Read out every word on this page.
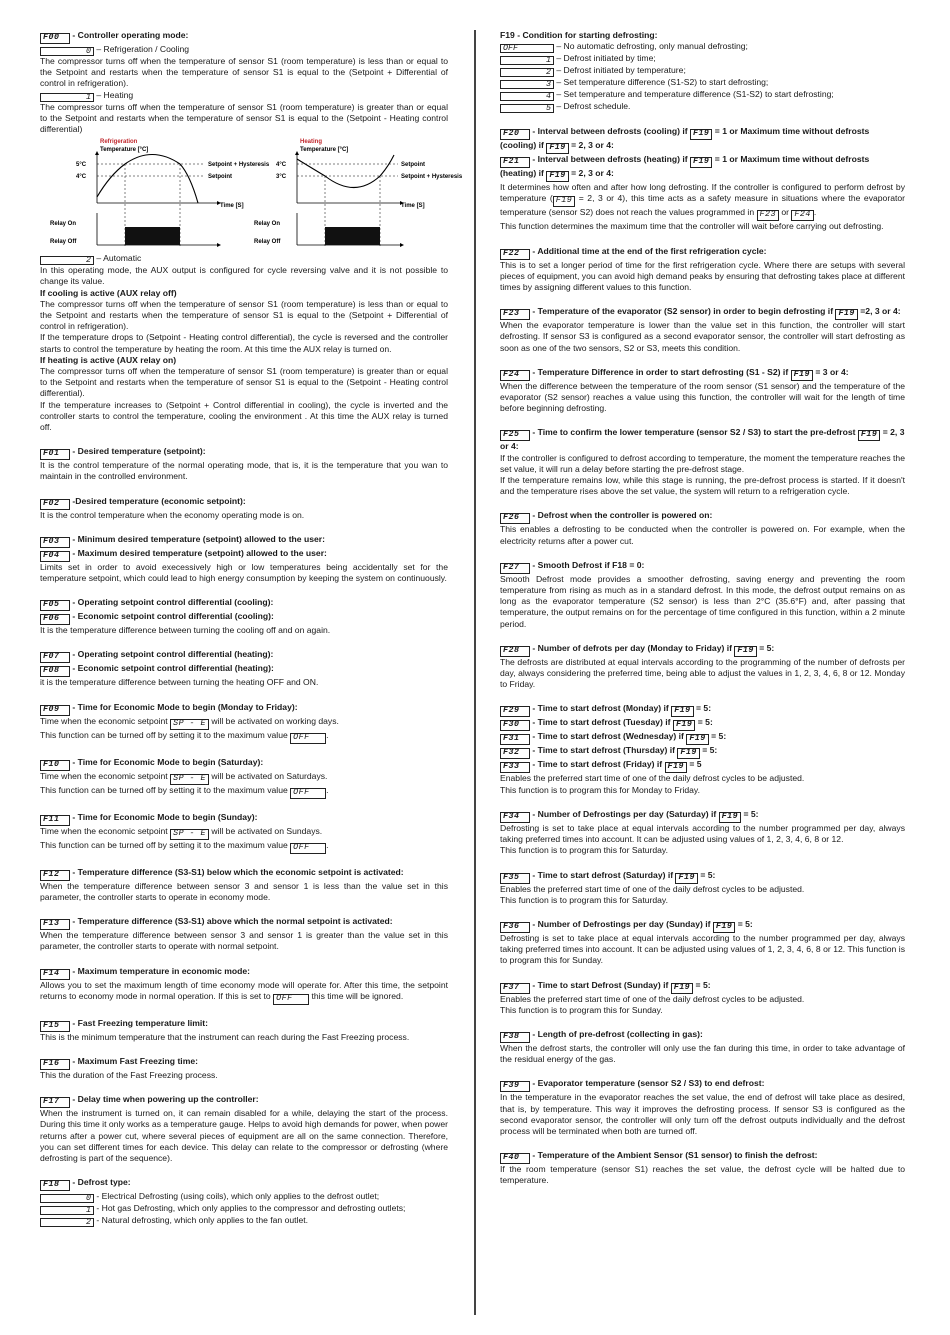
F00 - Controller operating mode:
0 – Refrigeration / Cooling

The compressor turns off when the temperature of sensor S1 (room temperature) is less than or equal to the Setpoint and restarts when the temperature of sensor S1 is equal to the (Setpoint + Differential of control in refrigeration).

1 – Heating

The compressor turns off when the temperature of sensor S1 (room temperature) is greater than or equal to the Setpoint and restarts when the temperature of sensor S1 is equal to the (Setpoint - Heating control differential)

Refrigeration
Temperature [°C]
5°C
4°C
Setpoint + Hysteresis
Setpoint
Time [S]
Relay On
Relay Off
Heating
Temperature [°C]
4°C
3°C
Setpoint
Setpoint + Hysteresis
Time [S]
Relay On
Relay Off
2 – Automatic

In this operating mode, the AUX output is configured for cycle reversing valve and it is not possible to change its value.

If cooling is active (AUX relay off)

The compressor turns off when the temperature of sensor S1 (room temperature) is less than or equal to the Setpoint and restarts when the temperature of sensor S1 is equal to the (Setpoint + Differential of control in refrigeration).

If the temperature drops to (Setpoint - Heating control differential), the cycle is reversed and the controller starts to control the temperature by heating the room. At this time the AUX relay is turned on.

If heating is active (AUX relay on)

The compressor turns off when the temperature of sensor S1 (room temperature) is greater than or equal to the Setpoint and restarts when the temperature of sensor S1 is equal to the (Setpoint - Heating control differential).

If the temperature increases to (Setpoint + Control differential in cooling), the cycle is inverted and the controller starts to control the temperature, cooling the environment . At this time the AUX relay is turned off.

F01 - Desired temperature (setpoint):

It is the control temperature of the normal operating mode, that is, it is the temperature that you wan to maintain in the controlled environment.

F02 -Desired temperature (economic setpoint):

It is the control temperature when the economy operating mode is on.

F03 - Minimum desired temperature (setpoint) allowed to the user:
F04 - Maximum desired temperature (setpoint) allowed to the user:

Limits set in order to avoid execessively high or low temperatures being accidentally set for the temperature setpoint, which could lead to high energy consumption by keeping the system on continuously.

F05 - Operating setpoint control differential (cooling):
F06 - Economic setpoint control differential (cooling):

It is the temperature difference between turning the cooling off and on again.

F07 - Operating setpoint control differential (heating):
F08 - Economic setpoint control differential (heating):

it is the temperature difference between turning the heating OFF and ON.

F09 - Time for Economic Mode to begin (Monday to Friday):
Time when the economic setpoint SP - E will be activated on working days.
This function can be turned off by setting it to the maximum value OFF .
F10 - Time for Economic Mode to begin (Saturday):
Time when the economic setpoint SP - E will be activated on Saturdays.
This function can be turned off by setting it to the maximum value OFF .
F11 - Time for Economic Mode to begin (Sunday):
Time when the economic setpoint SP - E will be activated on Sundays.
This function can be turned off by setting it to the maximum value OFF .
F12 - Temperature difference (S3-S1) below which the economic setpoint is activated:

When the temperature difference between sensor 3 and sensor 1 is less than the value set in this parameter, the controller starts to operate in economy mode.

F13 - Temperature difference (S3-S1) above which the normal setpoint is activated:

When the temperature difference between sensor 3 and sensor 1 is greater than the value set in this parameter, the controller starts to operate with normal setpoint.

F14 - Maximum temperature in economic mode:

Allows you to set the maximum length of time economy mode will operate for. After this time, the setpoint returns to economy mode in normal operation. If this is set to OFF this time will be ignored.

F15 - Fast Freezing temperature limit:

This is the minimum temperature that the instrument can reach during the Fast Freezing process.

F16 - Maximum Fast Freezing time:

This the duration of the Fast Freezing process.

F17 - Delay time when powering up the controller:

When the instrument is turned on, it can remain disabled for a while, delaying the start of the process. During this time it only works as a temperature gauge. Helps to avoid high demands for power, when power returns after a power cut, where several pieces of equipment are all on the same connection. Therefore, you can set different times for each device. This delay can relate to the compressor or defrosting (where defrosting is part of the sequence).

F18 - Defrost type:
0 - Electrical Defrosting (using coils), which only applies to the defrost outlet;
1 - Hot gas Defrosting, which only applies to the compressor and defrosting outlets;
2 - Natural defrosting, which only applies to the fan outlet.
F19 - Condition for starting defrosting:
OFF	– No automatic defrosting, only manual defrosting;
1 – Defrost initiated by time;
2 – Defrost initiated by temperature;
3 – Set temperature difference (S1-S2) to start defrosting;
4 – Set temperature and temperature difference (S1-S2) to start defrosting;
5 – Defrost schedule.
F20 - Interval between defrosts (cooling) if F19 = 1 or Maximum time without defrosts (cooling) if F19 = 2, 3 or 4:
F21 - Interval between defrosts (heating) if F19 = 1 or Maximum time without defrosts (heating) if F19 = 2, 3 or 4:

It determines how often and after how long defrosting. If the controller is configured to perform defrost by temperature ( F19 = 2, 3 or 4), this time acts as a safety measure in situations where the evaporator temperature (sensor S2) does not reach the values programmed in F23 or F24 .

This function determines the maximum time that the controller will wait before carrying out defrosting.

F22 - Additional time at the end of the first refrigeration cycle:

This is to set a longer period of time for the first refrigeration cycle. Where there are setups with several pieces of equipment, you can avoid high demand peaks by ensuring that defrosting takes place at different times by assigning different values to this function.

F23 - Temperature of the evaporator (S2 sensor) in order to begin defrosting if F19 =2, 3 or 4:

When the evaporator temperature is lower than the value set in this function, the controller will start defrosting. If sensor S3 is configured as a second evaporator sensor, the controller will start defrosting as soon as one of the two sensors, S2 or S3, meets this condition.

F24 - Temperature Difference in order to start defrosting (S1 - S2) if F19 = 3 or 4:

When the difference between the temperature of the room sensor (S1 sensor) and the temperature of the evaporator (S2 sensor) reaches a value using this function, the controller will wait for the length of time before beginning defrosting.

F25 - Time to confirm the lower temperature (sensor S2 / S3) to start the pre-defrost F19 = 2, 3 or 4:

If the controller is configured to defrost according to temperature, the moment the temperature reaches the set value, it will run a delay before starting the pre-defrost stage.

If the temperature remains low, while this stage is running, the pre-defrost process is started. If it doesn't and the temperature rises above the set value, the system will return to a refrigeration cycle.

F26 - Defrost when the controller is powered on:

This enables a defrosting to be conducted when the controller is powered on. For example, when the electricity returns after a power cut.

F27 - Smooth Defrost if F18 = 0:

Smooth Defrost mode provides a smoother defrosting, saving energy and preventing the room temperature from rising as much as in a standard defrost. In this mode, the defrost output remains on as long as the evaporator temperature (S2 sensor) is less than 2°C (35.6°F) and, after passing that temperature, the output remains on for the percentage of time configured in this function, within a 2 minute period.

F28 - Number of defrots per day (Monday to Friday) if F19 = 5:

The defrosts are distributed at equal intervals according to the programming of the number of defrosts per day, always considering the preferred time, being able to adjust the values in 1, 2, 3, 4, 6, 8 or 12. Monday to Friday.

F29 - Time to start defrost (Monday) if F19 = 5:
F30 - Time to start defrost (Tuesday) if F19 = 5:
F31 - Time to start defrost (Wednesday) if F19 = 5:
F32 - Time to start defrost (Thursday) if F19 = 5:
F33 - Time to start defrost (Friday) if F19 = 5

Enables the preferred start time of one of the daily defrost cycles to be adjusted.

This function is to program this for Monday to Friday.

F34 - Number of Defrostings per day (Saturday) if F19 = 5:

Defrosting is set to take place at equal intervals according to the number programmed per day, always taking preferred times into account. It can be adjusted using values of 1, 2, 3, 4, 6, 8 or 12.

This function is to program this for Saturday.

F35 - Time to start defrost (Saturday) if F19 = 5:

Enables the preferred start time of one of the daily defrost cycles to be adjusted.

This function is to program this for Saturday.

F36 - Number of Defrostings per day (Sunday) if F19 = 5:

Defrosting is set to take place at equal intervals according to the number programmed per day, always taking preferred times into account. It can be adjusted using values of 1, 2, 3, 4, 6, 8 or 12. This function is to program this for Sunday.

F37 - Time to start Defrost (Sunday) if F19 = 5:

Enables the preferred start time of one of the daily defrost cycles to be adjusted.

This function is to program this for Sunday.

F38 - Length of pre-defrost (collecting in gas):

When the defrost starts, the controller will only use the fan during this time, in order to take advantage of the residual energy of the gas.

F39 - Evaporator temperature (sensor S2 / S3) to end defrost:

In the temperature in the evaporator reaches the set value, the end of defrost will take place as desired, that is, by temperature. This way it improves the defrosting process. If sensor S3 is configured as the second evaporator sensor, the controller will only turn off the defrost outputs individually and the defrost process will be terminated when both are turned off.

F40 - Temperature of the Ambient Sensor (S1 sensor) to finish the defrost:

If the room temperature (sensor S1) reaches the set value, the defrost cycle will be halted due to temperature.
